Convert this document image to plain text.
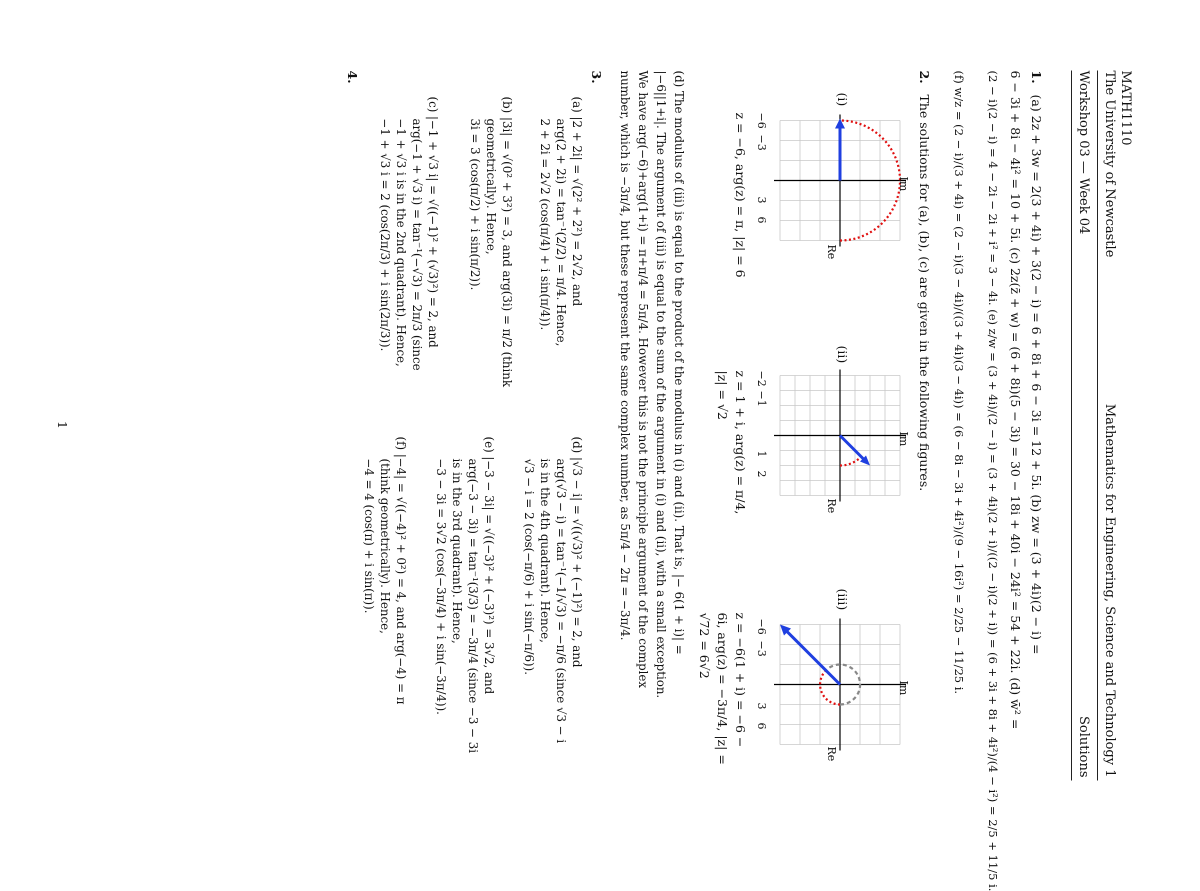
MATH1110
The University of Newcastle
Mathematics for Engineering, Science and Technology 1
Workshop 03 — Week 04
Solutions
1.
(a) 2z + 3w = 2(3 + 4i) + 3(2 − i) = 6 + 8i + 6 − 3i = 12 + 5i. (b) zw = (3 + 4i)(2 − i) =
6 − 3i + 8i − 4i² = 10 + 5i. (c) 2z(z̄ + w) = (6 + 8i)(5 − 3i) = 30 − 18i + 40i − 24i² = 54 + 22i. (d) w̄² =
(2 − i)(2 − i) = 4 − 2i − 2i + i² = 3 − 4i. (e) z/w = (3 + 4i)/(2 − i) = (3 + 4i)(2 + i)/((2 − i)(2 + i)) = (6 + 3i + 8i + 4i²)/(4 − i²) = 2/5 + 11/5 i.
(f) w/z = (2 − i)/(3 + 4i) = (2 − i)(3 − 4i)/((3 + 4i)(3 − 4i)) = (6 − 8i − 3i + 4i²)/(9 − 16i²) = 2/25 − 11/25 i.
2.
The solutions for (a), (b), (c) are given in the following figures.
(i)
Im
Re
−6
−3
3
6
z = −6, arg(z) = π, |z| = 6
(ii)
Im
Re
−2
−1
1
2
z = 1 + i, arg(z) = π/4,
|z| = √2
(iii)
Im
Re
−6
−3
3
6
z = −6(1 + i) = −6 −
6i, arg(z) = −3π/4, |z| =
√72 = 6√2
(d) The modulus of (iii) is equal to the product of the modulus in (i) and (ii). That is, |− 6(1 + i)| =
|−6||1+i|. The argument of (iii) is equal to the sum of the argument in (i) and (ii), with a small exception.
We have arg(−6)+arg(1+i) = π+π/4 = 5π/4. However this is not the principle argument of the complex
number, which is −3π/4, but these represent the same complex number, as 5π/4 − 2π = −3π/4.
3.
(a) |2 + 2i| = √(2² + 2²) = 2√2, and
arg(2 + 2i) = tan⁻¹(2/2) = π/4. Hence,
2 + 2i = 2√2 (cos(π/4) + i sin(π/4)).
(b) |3i| = √(0² + 3²) = 3, and arg(3i) = π/2 (think
geometrically). Hence,
3i = 3 (cos(π/2) + i sin(π/2)).
(c) |−1 + √3 i| = √((−1)² + (√3)²) = 2, and
arg(−1 + √3 i) = tan⁻¹(−√3) = 2π/3 (since
−1 + √3 i is in the 2nd quadrant). Hence,
−1 + √3 i = 2 (cos(2π/3) + i sin(2π/3)).
(d) |√3 − i| = √((√3)² + (−1)²) = 2, and
arg(√3 − i) = tan⁻¹(−1/√3) = −π/6 (since √3 − i
is in the 4th quadrant). Hence,
√3 − i = 2 (cos(−π/6) + i sin(−π/6)).
(e) |−3 − 3i| = √((−3)² + (−3)²) = 3√2, and
arg(−3 − 3i) = tan⁻¹(3/3) = −3π/4 (since −3 − 3i
is in the 3rd quadrant). Hence,
−3 − 3i = 3√2 (cos(−3π/4) + i sin(−3π/4)).
(f) |−4| = √((−4)² + 0²) = 4, and arg(−4) = π
(think geometrically). Hence,
−4 = 4 (cos(π) + i sin(π)).
4.
1
